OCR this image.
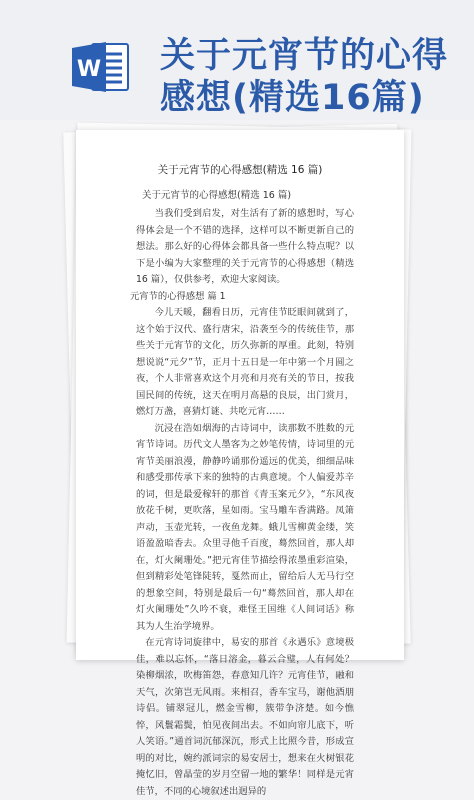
W 关于元宵节的心得
感想(精选16篇)
关于元宵节的心得感想(精选 16 篇)
关于元宵节的心得感想(精选 16 篇)

当我们受到启发，对生活有了新的感想时，写心得体会是一个不错的选择，这样可以不断更新自己的想法。那么好的心得体会都具备一些什么特点呢？以下是小编为大家整理的关于元宵节的心得感想（精选 16 篇），仅供参考，欢迎大家阅读。

元宵节的心得感想 篇 1

今儿天暖，翻看日历，元宵佳节眨眼间就到了，这个始于汉代、盛行唐宋，沿袭至今的传统佳节，那些关于元宵节的文化，历久弥新的厚重。此刻，特别想说说“元夕”节，正月十五日是一年中第一个月圆之夜，个人非常喜欢这个月亮和月亮有关的节日，按我国民间的传统，这天在明月高悬的良辰，出门赏月，燃灯万盏，喜猜灯谜、共吃元宵……

沉浸在浩如烟海的古诗词中，读那数不胜数的元宵节诗词。历代文人墨客为之妙笔传情，诗词里的元宵节美丽浪漫，静静吟诵那份遥远的优美，细细品味和感受那传承下来的独特的古典意境。个人偏爱苏辛的词，但是最爱稼轩的那首《青玉案元夕》，“东风夜放花千树，更吹落，星如雨。宝马雕车香满路。凤箫声动，玉壶光转，一夜鱼龙舞。蛾儿雪柳黄金缕，笑语盈盈暗香去。众里寻他千百度，蓦然回首，那人却在，灯火阑珊处。”把元宵佳节描绘得浓墨重彩渲染，但到精彩处笔锋陡转，戛然而止，留给后人无马行空的想象空间，特别是最后一句“蓦然回首，那人却在灯火阑珊处”久吟不衰，难怪王国维《人间词话》称其为人生治学境界。

在元宵诗词旋律中，易安的那首《永遇乐》意境极佳，难以忘怀，“落日溶金，暮云合璧，人有何处？染柳烟浓，吹梅笛怨，春意知几许？元宵佳节，融和天气，次第岂无风雨。来相召，香车宝马，谢他酒朋诗侣。铺翠冠儿，燃金雪柳，簇带争济楚。如今憔悴，风鬟霜鬓，怕见夜间出去。不如向帘儿底下，听人笑语。”通首词沉郁深沉，形式上比照今昔，形成宣明的对比，婉约派词宗的易安居士，想来在火树银花掩忆旧，曾晶莹的岁月空留一地的繁华！同样是元宵佳节，不同的心境叙述出迥异的
